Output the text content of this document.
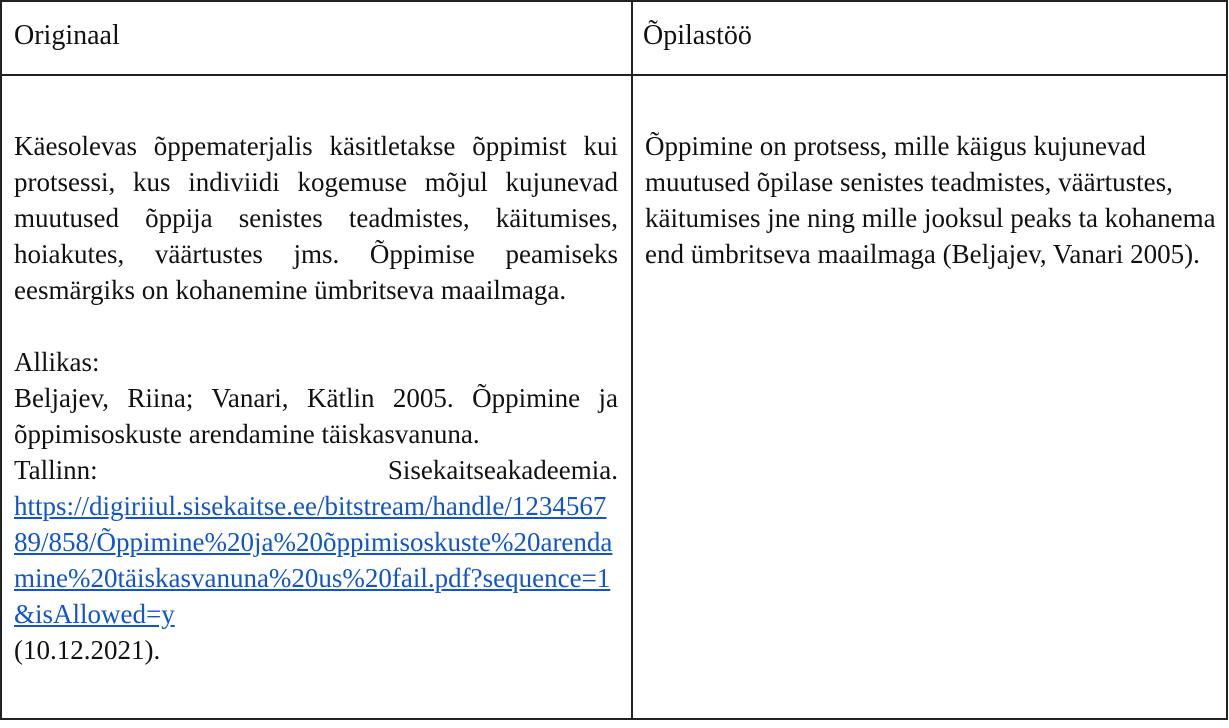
Originaal	Õpilastöö
Käesolevas õppematerjalis käsitletakse õppimist kui protsessi, kus indiviidi kogemuse mõjul kujunevad muutused õppija senistes teadmistes, käitumises, hoiakutes, väärtustes jms. Õppimise peamiseks eesmärgiks on kohanemine ümbritseva maailmaga.
Allikas:
Beljajev, Riina; Vanari, Kätlin 2005. Õppimine ja õppimisoskuste arendamine täiskasvanuna.
Tallinn: Sisekaitseakadeemia.
https://digiriiul.sisekaitse.ee/bitstream/handle/123456789/858/Õppimine%20ja%20õppimisoskuste%20arendamine%20täiskasvanuna%20us%20fail.pdf?sequence=1&isAllowed=y
(10.12.2021).
Õppimine on protsess, mille käigus kujunevad muutused õpilase senistes teadmistes, väärtustes, käitumises jne ning mille jooksul peaks ta kohanema end ümbritseva maailmaga (Beljajev, Vanari 2005).
